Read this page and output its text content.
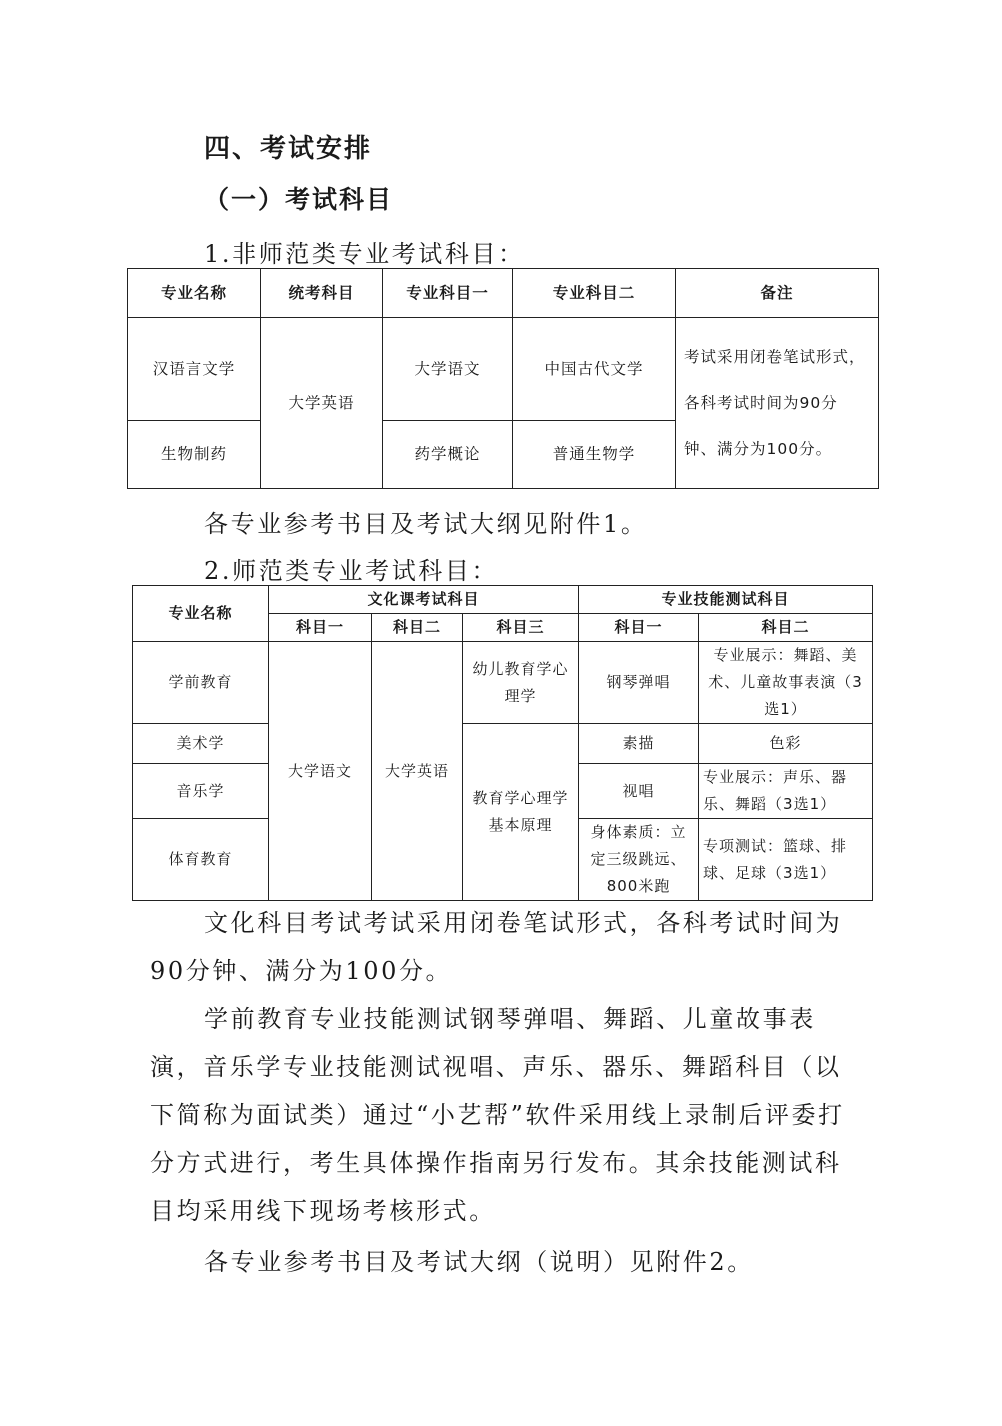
四、考试安排
（一）考试科目
1.非师范类专业考试科目：
专业名称	统考科目	专业科目一	专业科目二	备注
汉语言文学	大学英语	大学语文	中国古代文学	考试采用闭卷笔试形式，各科考试时间为90分钟、满分为100分。
生物制药		药学概论	普通生物学	
各专业参考书目及考试大纲见附件1。
2.师范类专业考试科目：
专业名称	文化课考试科目			专业技能测试科目	
	科目一	科目二	科目三	科目一	科目二
学前教育	大学语文	大学英语	幼儿教育学心理学	钢琴弹唱	专业展示：舞蹈、美术、儿童故事表演（3选1）
美术学			教育学心理学基本原理	素描	色彩
音乐学				视唱	专业展示：声乐、器乐、舞蹈（3选1）
体育教育				身体素质：立定三级跳远、800米跑	专项测试：篮球、排球、足球（3选1）
文化科目考试考试采用闭卷笔试形式，各科考试时间为90分钟、满分为100分。
学前教育专业技能测试钢琴弹唱、舞蹈、儿童故事表演，音乐学专业技能测试视唱、声乐、器乐、舞蹈科目（以下简称为面试类）通过“小艺帮”软件采用线上录制后评委打分方式进行，考生具体操作指南另行发布。其余技能测试科目均采用线下现场考核形式。
各专业参考书目及考试大纲（说明）见附件2。
